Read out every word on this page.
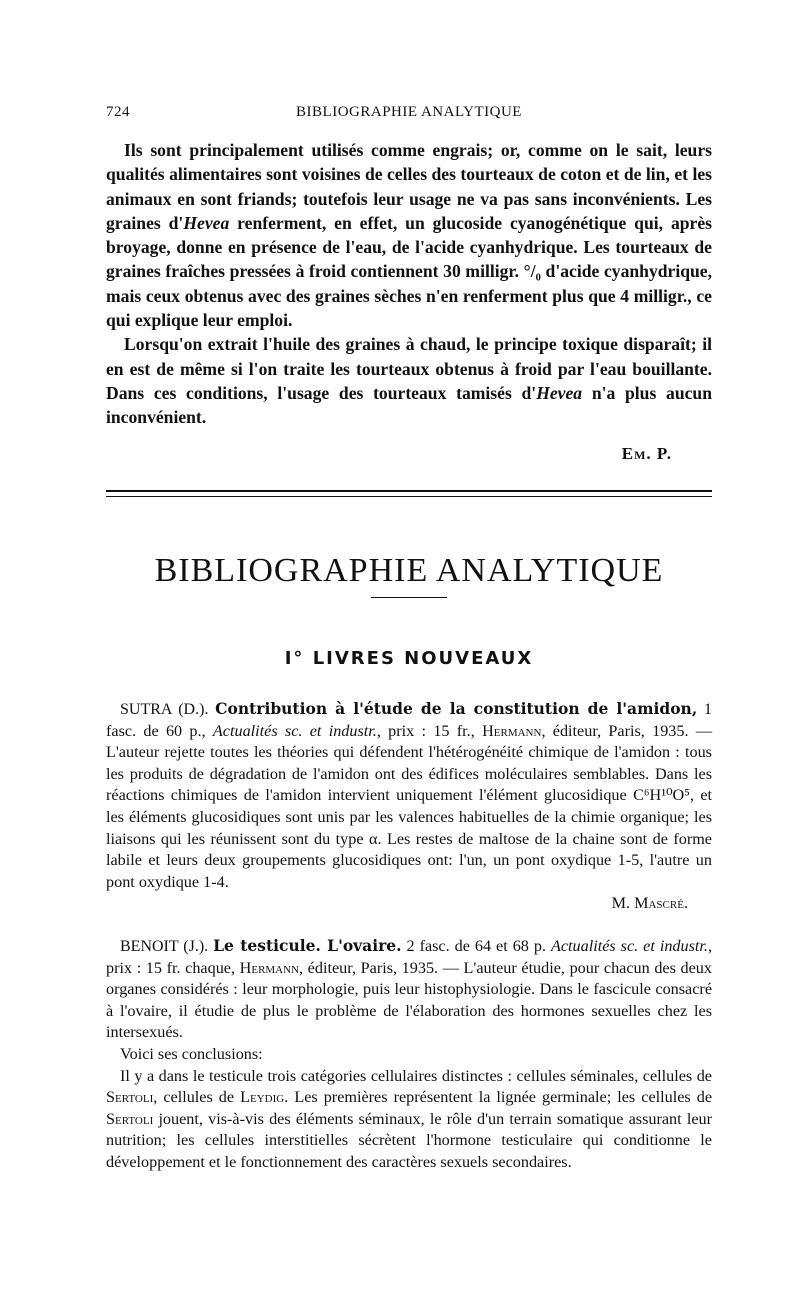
BIBLIOGRAPHIE ANALYTIQUE
724

Ils sont principalement utilisés comme engrais; or, comme on le sait, leurs qualités alimentaires sont voisines de celles des tourteaux de coton et de lin, et les animaux en sont friands; toutefois leur usage ne va pas sans inconvénients. Les graines d'Hevea renferment, en effet, un glucoside cyanogénétique qui, après broyage, donne en présence de l'eau, de l'acide cyanhydrique. Les tourteaux de graines fraîches pressées à froid contiennent 30 milligr. °/₀ d'acide cyanhydrique, mais ceux obtenus avec des graines sèches n'en renferment plus que 4 milligr., ce qui explique leur emploi.

Lorsqu'on extrait l'huile des graines à chaud, le principe toxique disparaît; il en est de même si l'on traite les tourteaux obtenus à froid par l'eau bouillante. Dans ces conditions, l'usage des tourteaux tamisés d'Hevea n'a plus aucun inconvénient.

Em. P.
BIBLIOGRAPHIE ANALYTIQUE
I° LIVRES NOUVEAUX

SUTRA (D.). Contribution à l'étude de la constitution de l'amidon, 1 fasc. de 60 p., Actualités sc. et industr., prix : 15 fr., Hermann, éditeur, Paris, 1935. — L'auteur rejette toutes les théories qui défendent l'hétérogénéité chimique de l'amidon : tous les produits de dégradation de l'amidon ont des édifices moléculaires semblables. Dans les réactions chimiques de l'amidon intervient uniquement l'élément glucosidique C⁶H¹⁰O⁵, et les éléments glucosidiques sont unis par les valences habituelles de la chimie organique; les liaisons qui les réunissent sont du type α. Les restes de maltose de la chaine sont de forme labile et leurs deux groupements glucosidiques ont: l'un, un pont oxydique 1-5, l'autre un pont oxydique 1-4.

M. Mascré.

BENOIT (J.). Le testicule. L'ovaire. 2 fasc. de 64 et 68 p. Actualités sc. et industr., prix : 15 fr. chaque, Hermann, éditeur, Paris, 1935. — L'auteur étudie, pour chacun des deux organes considérés : leur morphologie, puis leur histophysiologie. Dans le fascicule consacré à l'ovaire, il étudie de plus le problème de l'élaboration des hormones sexuelles chez les intersexués.

Voici ses conclusions:

Il y a dans le testicule trois catégories cellulaires distinctes : cellules séminales, cellules de Sertoli, cellules de Leydig. Les premières représentent la lignée germinale; les cellules de Sertoli jouent, vis-à-vis des éléments séminaux, le rôle d'un terrain somatique assurant leur nutrition; les cellules interstitielles sécrètent l'hormone testiculaire qui conditionne le développement et le fonctionnement des caractères sexuels secondaires.
